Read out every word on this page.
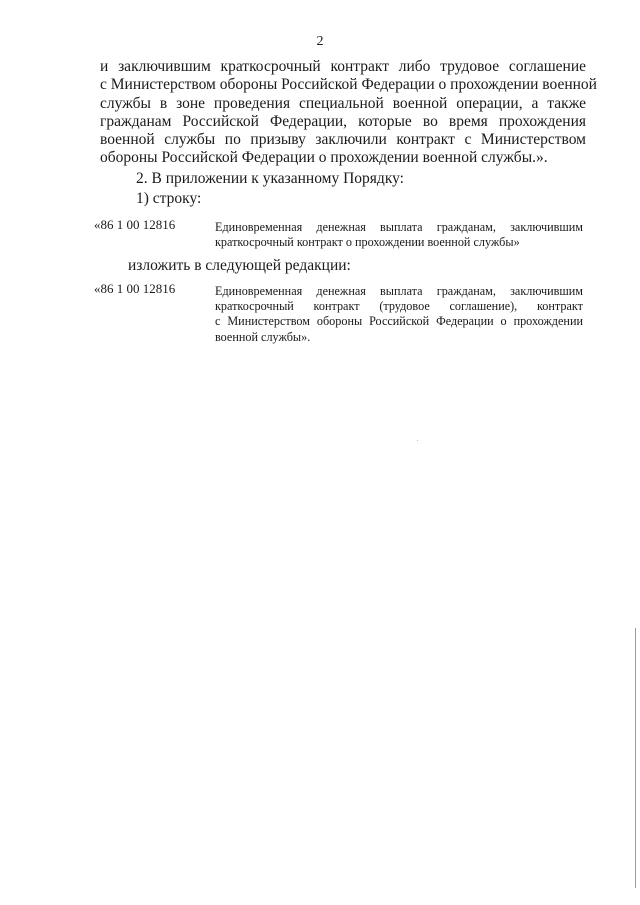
2
и заключившим краткосрочный контракт либо трудовое соглашение
с Министерством обороны Российской Федерации о прохождении военной
службы в зоне проведения специальной военной операции, а также
гражданам Российской Федерации, которые во время прохождения
военной службы по призыву заключили контракт с Министерством
обороны Российской Федерации о прохождении военной службы.».
2. В приложении к указанному Порядку:
1) строку:
«86 1 00 12816	Единовременная денежная выплата гражданам, заключившим
краткосрочный контракт о прохождении военной службы»
изложить в следующей редакции:
«86 1 00 12816	Единовременная денежная выплата гражданам, заключившим
краткосрочный контракт (трудовое соглашение), контракт
с Министерством обороны Российской Федерации о прохождении
военной службы».
